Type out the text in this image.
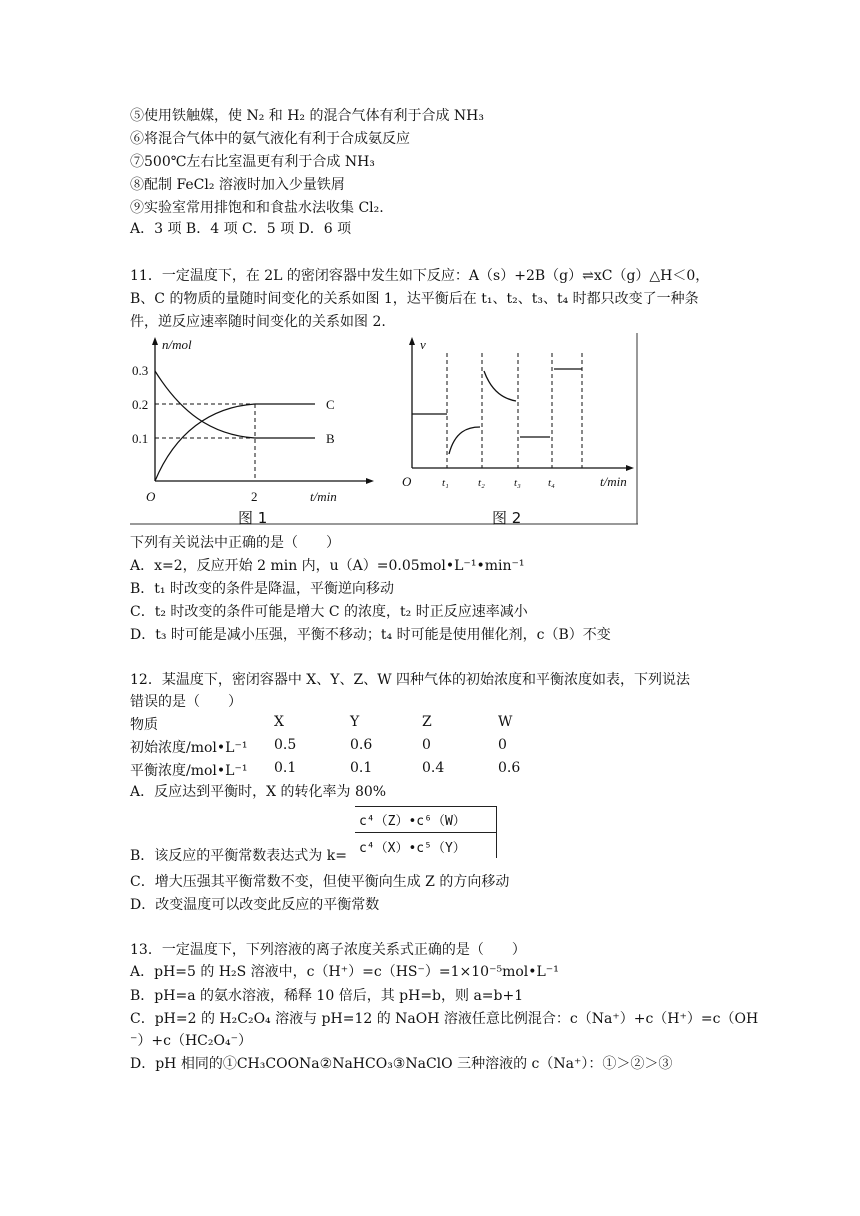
⑤使用铁触媒，使 N₂ 和 H₂ 的混合气体有利于合成 NH₃
⑥将混合气体中的氨气液化有利于合成氨反应
⑦500℃左右比室温更有利于合成 NH₃
⑧配制 FeCl₂ 溶液时加入少量铁屑
⑨实验室常用排饱和和食盐水法收集 Cl₂.
A．3 项 B．4 项 C．5 项 D．6 项
11．一定温度下，在 2L 的密闭容器中发生如下反应：A（s）+2B（g）⇌xC（g）△H＜0，
B、C 的物质的量随时间变化的关系如图 1，达平衡后在 t₁、t₂、t₃、t₄ 时都只改变了一种条
件，逆反应速率随时间变化的关系如图 2.
n/mol
t/min
O
0.3
0.2
0.1
2
C
B
图 1
v
t/min
O	t₁	t₂	t₃ t₄
图 2
下列有关说法中正确的是（　　）
A．x=2，反应开始 2 min 内，u（A）=0.05mol•L⁻¹•min⁻¹
B．t₁ 时改变的条件是降温，平衡逆向移动
C．t₂ 时改变的条件可能是增大 C 的浓度，t₂ 时正反应速率减小
D．t₃ 时可能是减小压强，平衡不移动；t₄ 时可能是使用催化剂，c（B）不变
12．某温度下，密闭容器中 X、Y、Z、W 四种气体的初始浓度和平衡浓度如表，下列说法
错误的是（　　）
物质	X	Y	Z	W
初始浓度/mol•L⁻¹ 0.5	0.6	0	0
平衡浓度/mol•L⁻¹ 0.1	0.1	0.4	0.6
A．反应达到平衡时，X 的转化率为 80%
B．该反应的平衡常数表达式为 k=
c⁴（Z）•c⁶（W）
c⁴（X）•c⁵（Y）
C．增大压强其平衡常数不变，但使平衡向生成 Z 的方向移动
D．改变温度可以改变此反应的平衡常数
13．一定温度下，下列溶液的离子浓度关系式正确的是（　　）
A．pH=5 的 H₂S 溶液中，c（H⁺）=c（HS⁻）=1×10⁻⁵mol•L⁻¹
B．pH=a 的氨水溶液，稀释 10 倍后，其 pH=b，则 a=b+1
C．pH=2 的 H₂C₂O₄ 溶液与 pH=12 的 NaOH 溶液任意比例混合：c（Na⁺）+c（H⁺）=c（OH
⁻）+c（HC₂O₄⁻）
D．pH 相同的①CH₃COONa②NaHCO₃③NaClO 三种溶液的 c（Na⁺）：①＞②＞③
